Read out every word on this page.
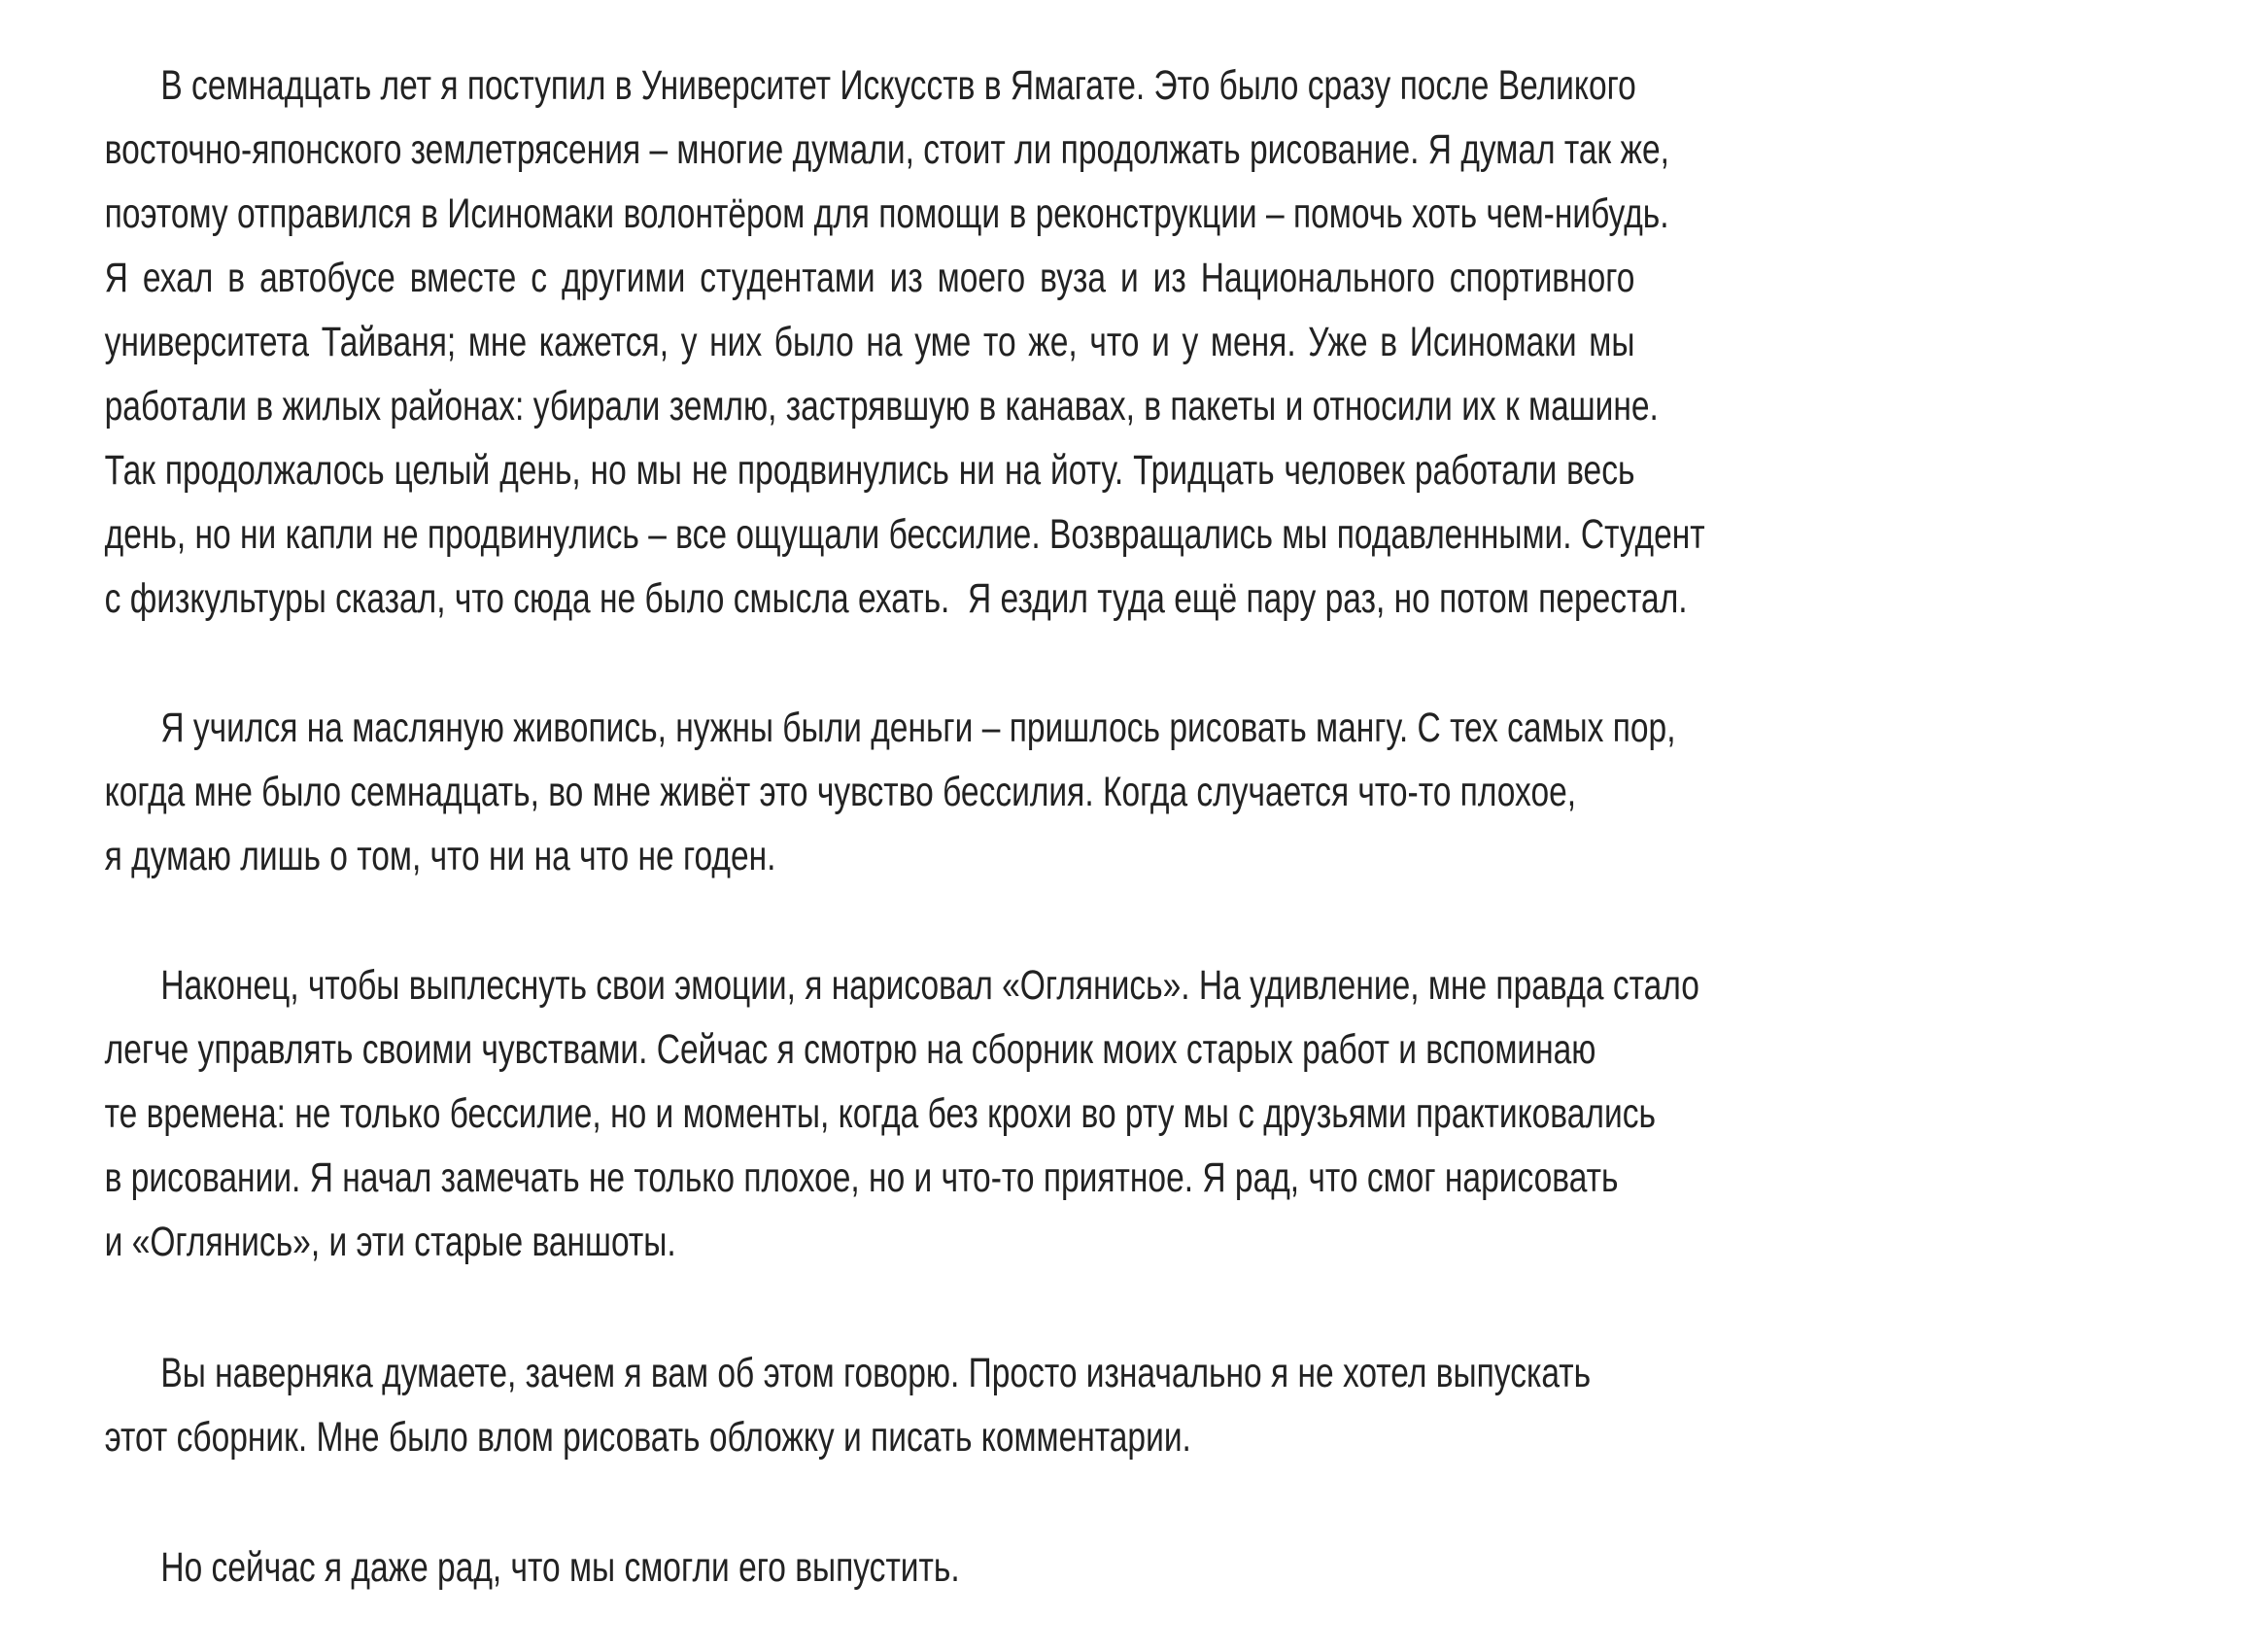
В семнадцать лет я поступил в Университет Искусств в Ямагате. Это было сразу после Великого
восточно-японского землетрясения – многие думали, стоит ли продолжать рисование. Я думал так же,
поэтому отправился в Исиномаки волонтёром для помощи в реконструкции – помочь хоть чем-нибудь.
Я ехал в автобусе вместе с другими студентами из моего вуза и из Национального спортивного
университета Тайваня; мне кажется, у них было на уме то же, что и у меня. Уже в Исиномаки мы
работали в жилых районах: убирали землю, застрявшую в канавах, в пакеты и относили их к машине.
Так продолжалось целый день, но мы не продвинулись ни на йоту. Тридцать человек работали весь
день, но ни капли не продвинулись – все ощущали бессилие. Возвращались мы подавленными. Студент
с физкультуры сказал, что сюда не было смысла ехать.  Я ездил туда ещё пару раз, но потом перестал.
Я учился на масляную живопись, нужны были деньги – пришлось рисовать мангу. С тех самых пор,
когда мне было семнадцать, во мне живёт это чувство бессилия. Когда случается что-то плохое,
я думаю лишь о том, что ни на что не годен.
Наконец, чтобы выплеснуть свои эмоции, я нарисовал «Оглянись». На удивление, мне правда стало
легче управлять своими чувствами. Сейчас я смотрю на сборник моих старых работ и вспоминаю
те времена: не только бессилие, но и моменты, когда без крохи во рту мы с друзьями практиковались
в рисовании. Я начал замечать не только плохое, но и что-то приятное. Я рад, что смог нарисовать
и «Оглянись», и эти старые ваншоты.
Вы наверняка думаете, зачем я вам об этом говорю. Просто изначально я не хотел выпускать
этот сборник. Мне было влом рисовать обложку и писать комментарии.
Но сейчас я даже рад, что мы смогли его выпустить.
